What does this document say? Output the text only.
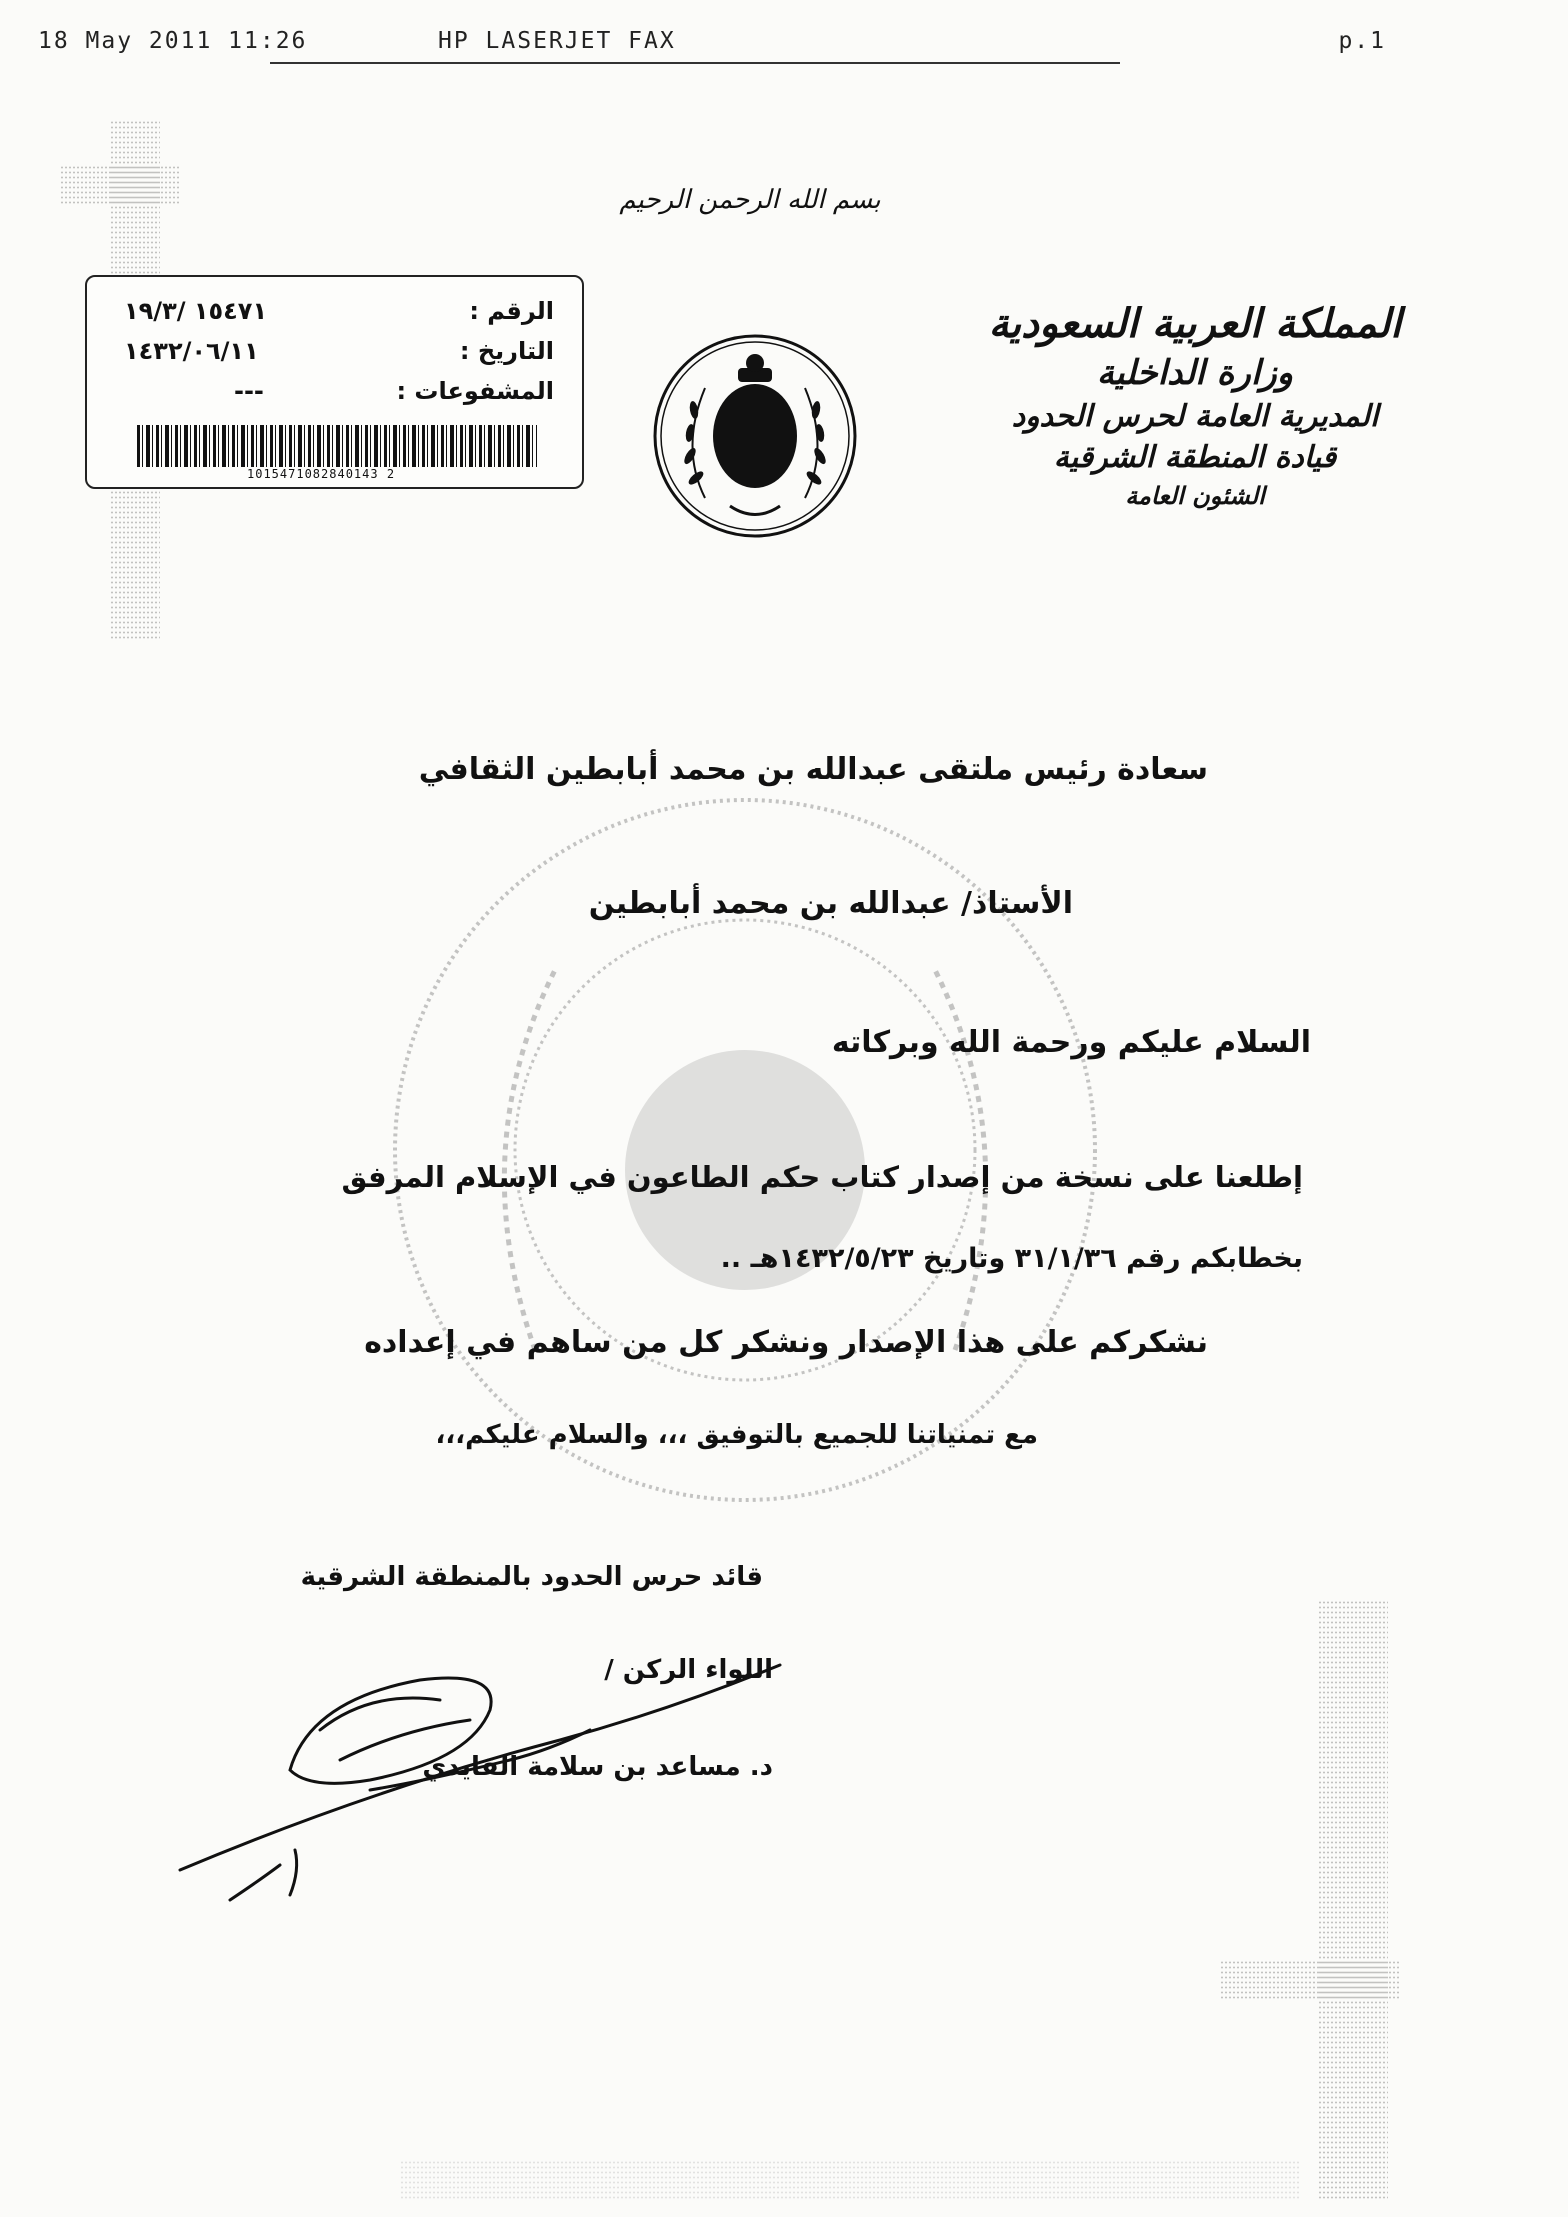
18 May 2011 11:26	HP LASERJET FAX	p.1
بسم الله الرحمن الرحيم
الرقم :
١٥٤٧١ /١٩/٣
التاريخ :
١٤٣٢/٠٦/١١
المشفوعات :
---
1015471082840143 2
المملكة العربية السعودية
وزارة الداخلية
المديرية العامة لحرس الحدود
قيادة المنطقة الشرقية
الشئون العامة
سعادة رئيس ملتقى عبدالله بن محمد أبابطين الثقافي
الأستاذ/ عبدالله بن محمد أبابطين
السلام عليكم ورحمة الله وبركاته
إطلعنا على نسخة من إصدار كتاب حكم الطاعون في الإسلام المرفق
بخطابكم رقم ٣١/١/٣٦ وتاريخ ١٤٣٢/٥/٢٣هـ ..
نشكركم على هذا الإصدار ونشكر كل من ساهم في إعداده
مع تمنياتنا للجميع بالتوفيق ،،، والسلام عليكم،،،
قائد حرس الحدود بالمنطقة الشرقية
اللواء الركن /
د. مساعد بن سلامة القايدي
